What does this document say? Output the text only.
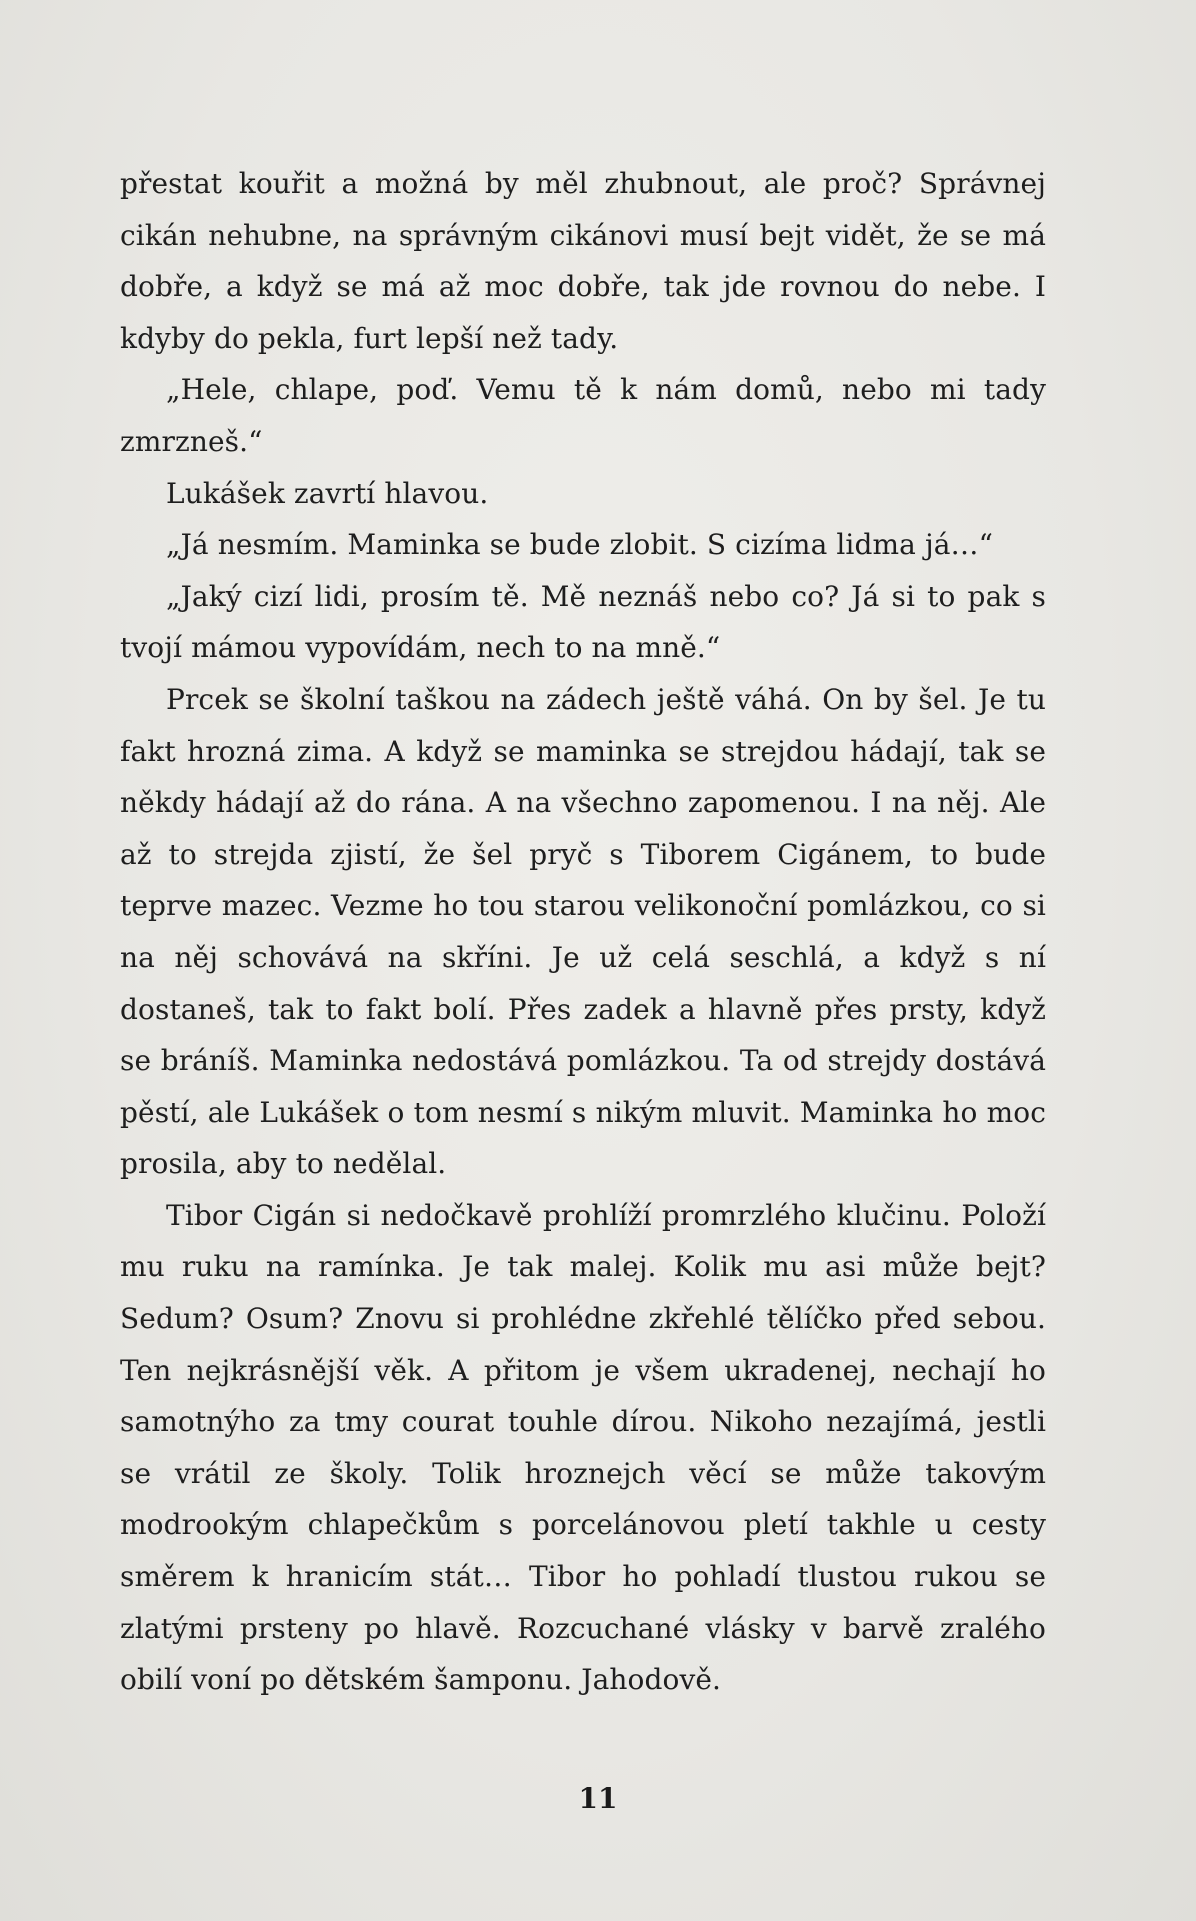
přestat kouřit a možná by měl zhubnout, ale proč? Správnej cikán nehubne, na správným cikánovi musí bejt vidět, že se má dobře, a když se má až moc dobře, tak jde rovnou do nebe. I kdyby do pekla, furt lepší než tady.

„Hele, chlape, poď. Vemu tě k nám domů, nebo mi tady zmrzneš.“

Lukášek zavrtí hlavou.

„Já nesmím. Maminka se bude zlobit. S cizíma lidma já…“

„Jaký cizí lidi, prosím tě. Mě neznáš nebo co? Já si to pak s tvojí mámou vypovídám, nech to na mně.“

Prcek se školní taškou na zádech ještě váhá. On by šel. Je tu fakt hrozná zima. A když se maminka se strejdou hádají, tak se někdy hádají až do rána. A na všechno zapomenou. I na něj. Ale až to strejda zjistí, že šel pryč s Tiborem Cigánem, to bude teprve mazec. Vezme ho tou starou velikonoční pomlázkou, co si na něj schovává na skříni. Je už celá seschlá, a když s ní dostaneš, tak to fakt bolí. Přes zadek a hlavně přes prsty, když se bráníš. Maminka nedostává pomlázkou. Ta od strejdy dostává pěstí, ale Lukášek o tom nesmí s nikým mluvit. Maminka ho moc prosila, aby to nedělal.

Tibor Cigán si nedočkavě prohlíží promrzlého klučinu. Položí mu ruku na ramínka. Je tak malej. Kolik mu asi může bejt? Sedum? Osum? Znovu si prohlédne zkřehlé tělíčko před sebou. Ten nejkrásnější věk. A přitom je všem ukradenej, nechají ho samotnýho za tmy courat touhle dírou. Nikoho nezajímá, jestli se vrátil ze školy. Tolik hroznejch věcí se může takovým modrookým chlapečkům s porcelánovou pletí takhle u cesty směrem k hranicím stát… Tibor ho pohladí tlustou rukou se zlatými prsteny po hlavě. Rozcuchané vlásky v barvě zralého obilí voní po dětském šamponu. Jahodově.

11
